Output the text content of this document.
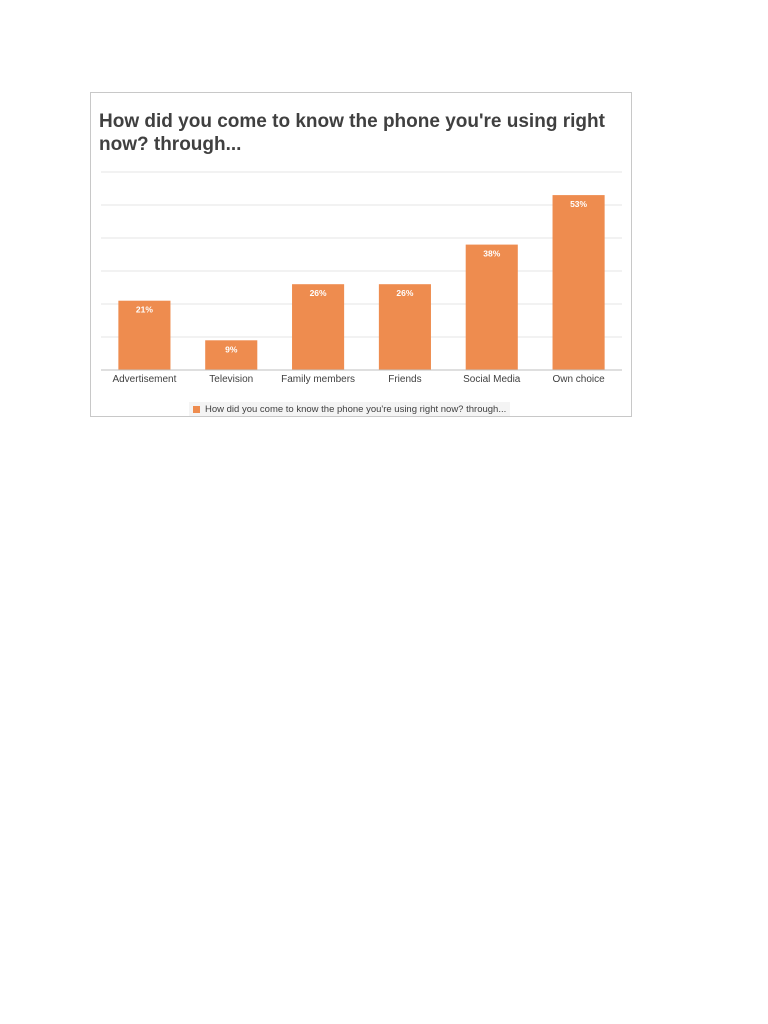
How did you come to know the phone you're using right now? through...
21%
Advertisement
9%
Television
26%
Family members
26%
Friends
38%
Social Media
53%
Own choice
How did you come to know the phone you're using right now? through...
